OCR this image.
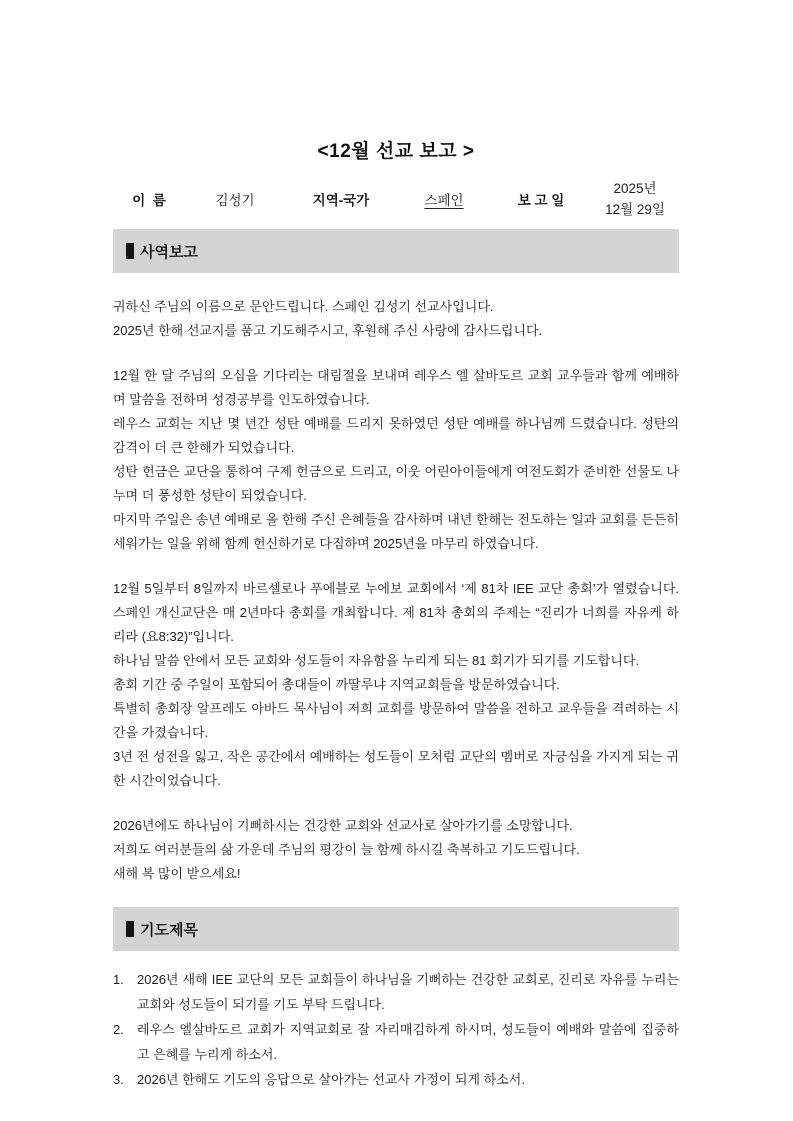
<12월 선교 보고 >
이  름	김성기	지역-국가	스페인	보 고 일
2025년
12월 29일
사역보고

귀하신 주님의 이름으로 문안드립니다. 스페인 김성기 선교사입니다.

2025년 한해 선교지를 품고 기도해주시고, 후원해 주신 사랑에 감사드립니다.

12월 한 달 주님의 오심을 기다리는 대림절을 보내며 레우스 엘 살바도르 교회 교우들과 함께 예배하며 말씀을 전하며 성경공부를 인도하였습니다.

레우스 교회는 지난 몇 년간 성탄 예배를 드리지 못하였던 성탄 예배를 하나님께 드렸습니다. 성탄의 감격이 더 큰 한해가 되었습니다.

성탄 헌금은 교단을 통하여 구제 헌금으로 드리고, 이웃 어린아이들에게 여전도회가 준비한 선물도 나누며 더 풍성한 성탄이 되었습니다.

마지막 주일은 송년 예배로 올 한해 주신 은혜들을 감사하며 내년 한해는 전도하는 일과 교회를 든든히 세워가는 일을 위해 함께 헌신하기로 다짐하며 2025년을 마무리 하였습니다.

12월 5일부터 8일까지 바르셀로나 푸에블로 누에보 교회에서 ‘제 81차 IEE 교단 총회’가 열렸습니다. 스페인 개신교단은 매 2년마다 총회를 개최합니다. 제 81차 총회의 주제는 “진리가 너희를 자유케 하리라 (요8:32)”입니다.

하나님 말씀 안에서 모든 교회와 성도들이 자유함을 누리게 되는 81 회기가 되기를 기도합니다.

총회 기간 중 주일이 포함되어 총대들이 까딸루냐 지역교회들을 방문하였습니다.

특별히 총회장 알프레도 아바드 목사님이 저희 교회를 방문하여 말씀을 전하고 교우들을 격려하는 시간을 가졌습니다.

3년 전 성전을 잃고, 작은 공간에서 예배하는 성도들이 모처럼 교단의 멤버로 자긍심을 가지게 되는 귀한 시간이었습니다.

2026년에도 하나님이 기뻐하시는 건강한 교회와 선교사로 살아가기를 소망합니다.

저희도 여러분들의 삶 가운데 주님의 평강이 늘 함께 하시길 축복하고 기도드립니다.

새해 복 많이 받으세요!

기도제목
1.	2026년 새해 IEE 교단의 모든 교회들이 하나님을 기뻐하는 건강한 교회로, 진리로 자유를 누리는 교회와 성도들이 되기를 기도 부탁 드립니다.
2.	레우스 엘살바도르 교회가 지역교회로 잘 자리매김하게 하시며, 성도들이 예배와 말씀에 집중하고 은혜를 누리게 하소서.
3.	2026년 한해도 기도의 응답으로 살아가는 선교사 가정이 되게 하소서.
